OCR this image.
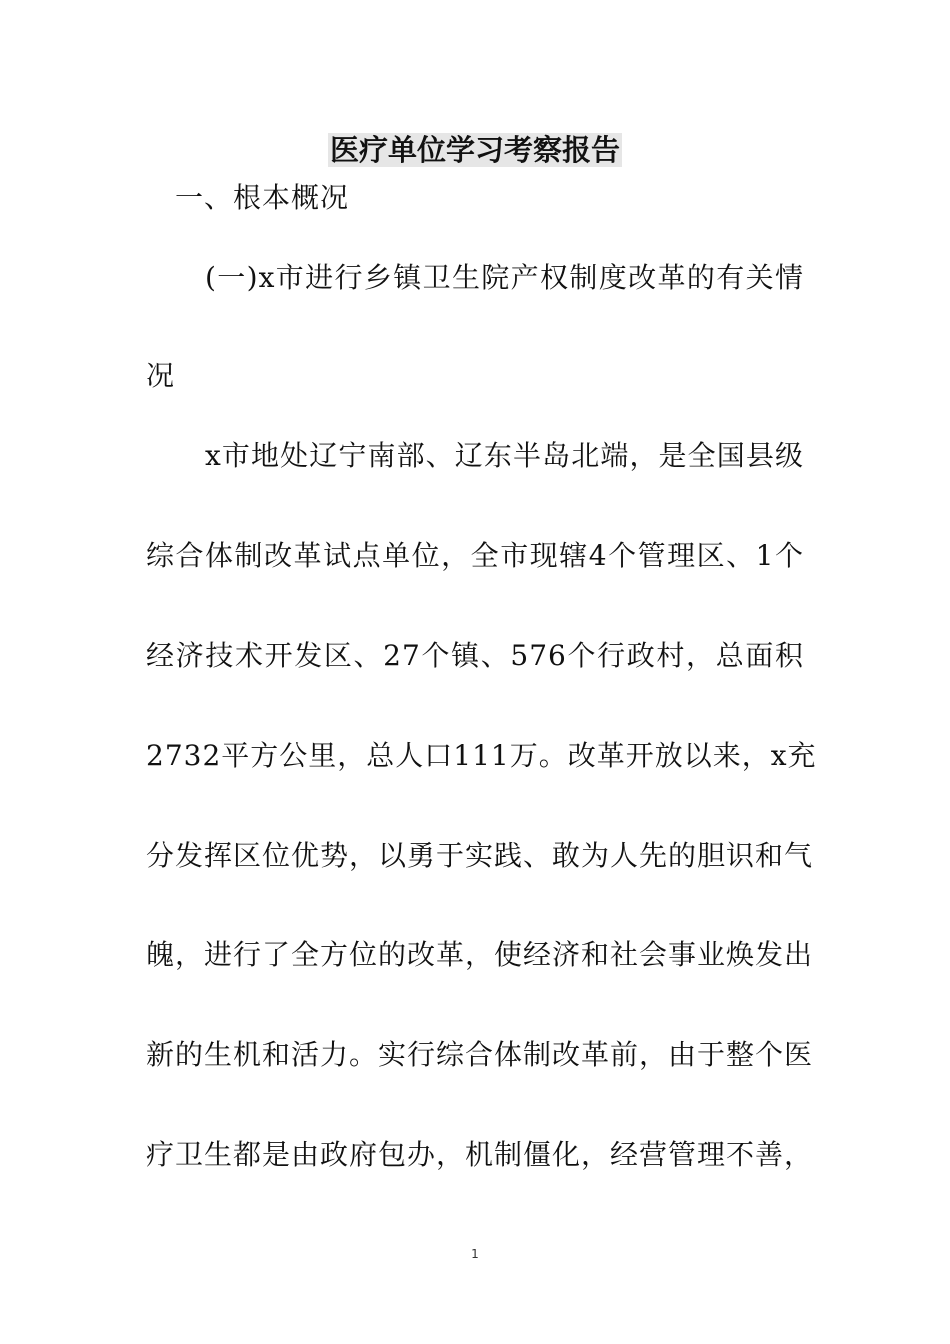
医疗单位学习考察报告
一、根本概况
(一)x市进行乡镇卫生院产权制度改革的有关情
况
x市地处辽宁南部、辽东半岛北端，是全国县级
综合体制改革试点单位，全市现辖4个管理区、1个
经济技术开发区、27个镇、576个行政村，总面积
2732平方公里，总人口111万。改革开放以来，x充
分发挥区位优势，以勇于实践、敢为人先的胆识和气
魄，进行了全方位的改革，使经济和社会事业焕发出
新的生机和活力。实行综合体制改革前，由于整个医
疗卫生都是由政府包办，机制僵化，经营管理不善，
1
